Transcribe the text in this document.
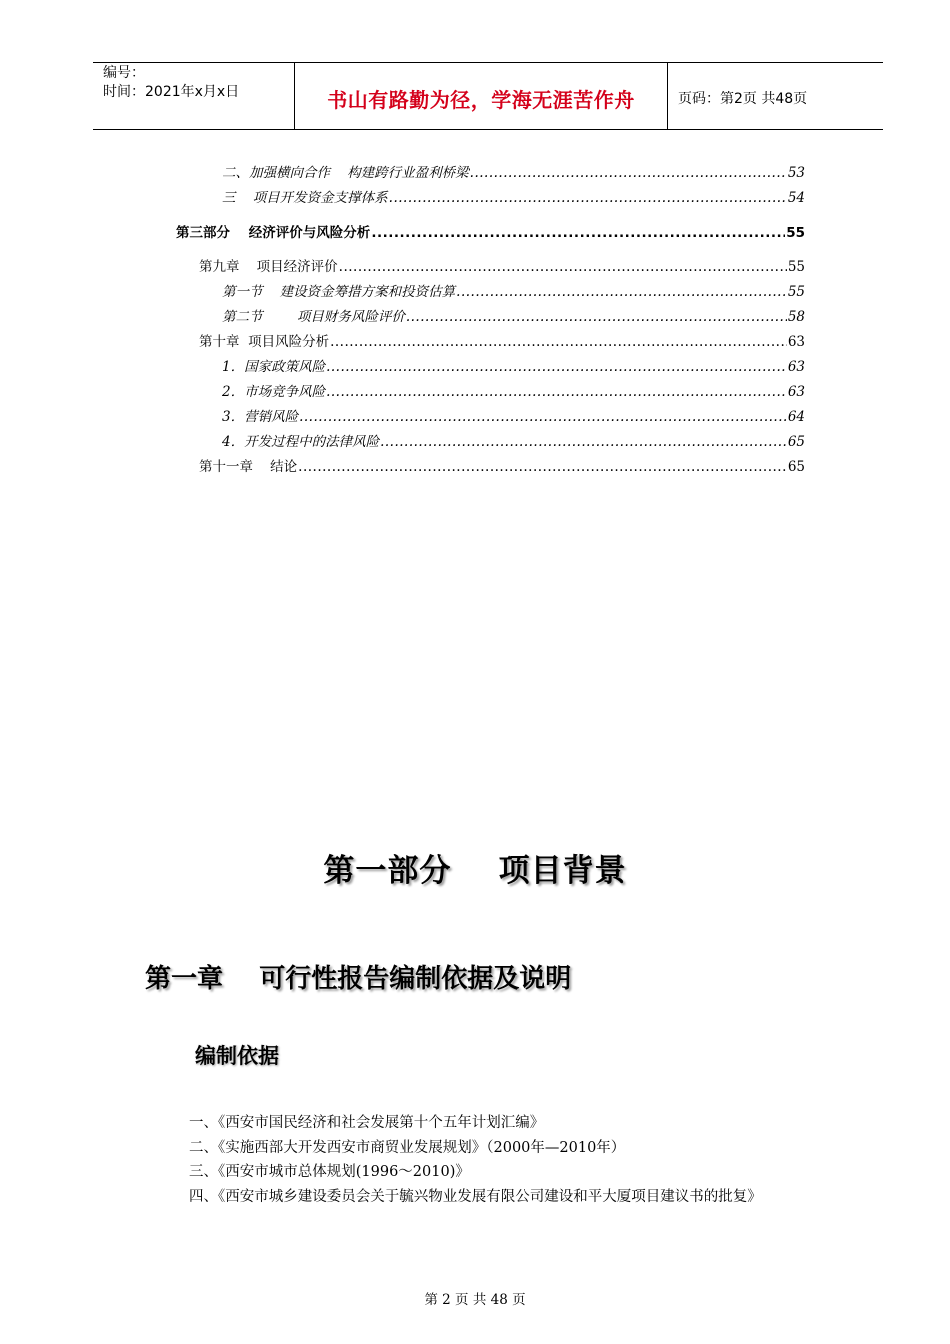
编号：
时间：2021年x月x日	书山有路勤为径，学海无涯苦作舟	页码：第2页 共48页
二、加强横向合作    构建跨行业盈利桥梁 .....	53
三    项目开发资金支撑体系 .....	54
第三部分    经济评价与风险分析 .....	55
第九章    项目经济评价 .....	55
第一节    建设资金筹措方案和投资估算 .....	55
第二节        项目财务风险评价 .....	58
第十章  项目风险分析 .....	63
1．国家政策风险 .....	63
2．市场竞争风险 .....	63
3．营销风险 .....	64
4．开发过程中的法律风险 .....	65
第十一章    结论 .....	65
第一部分    项目背景
第一章    可行性报告编制依据及说明
编制依据

一、《西安市国民经济和社会发展第十个五年计划汇编》

二、《实施西部大开发西安市商贸业发展规划》（2000年—2010年）

三、《西安市城市总体规划(1996～2010)》

四、《西安市城乡建设委员会关于毓兴物业发展有限公司建设和平大厦项目建议书的批复》

第 2 页 共 48 页
